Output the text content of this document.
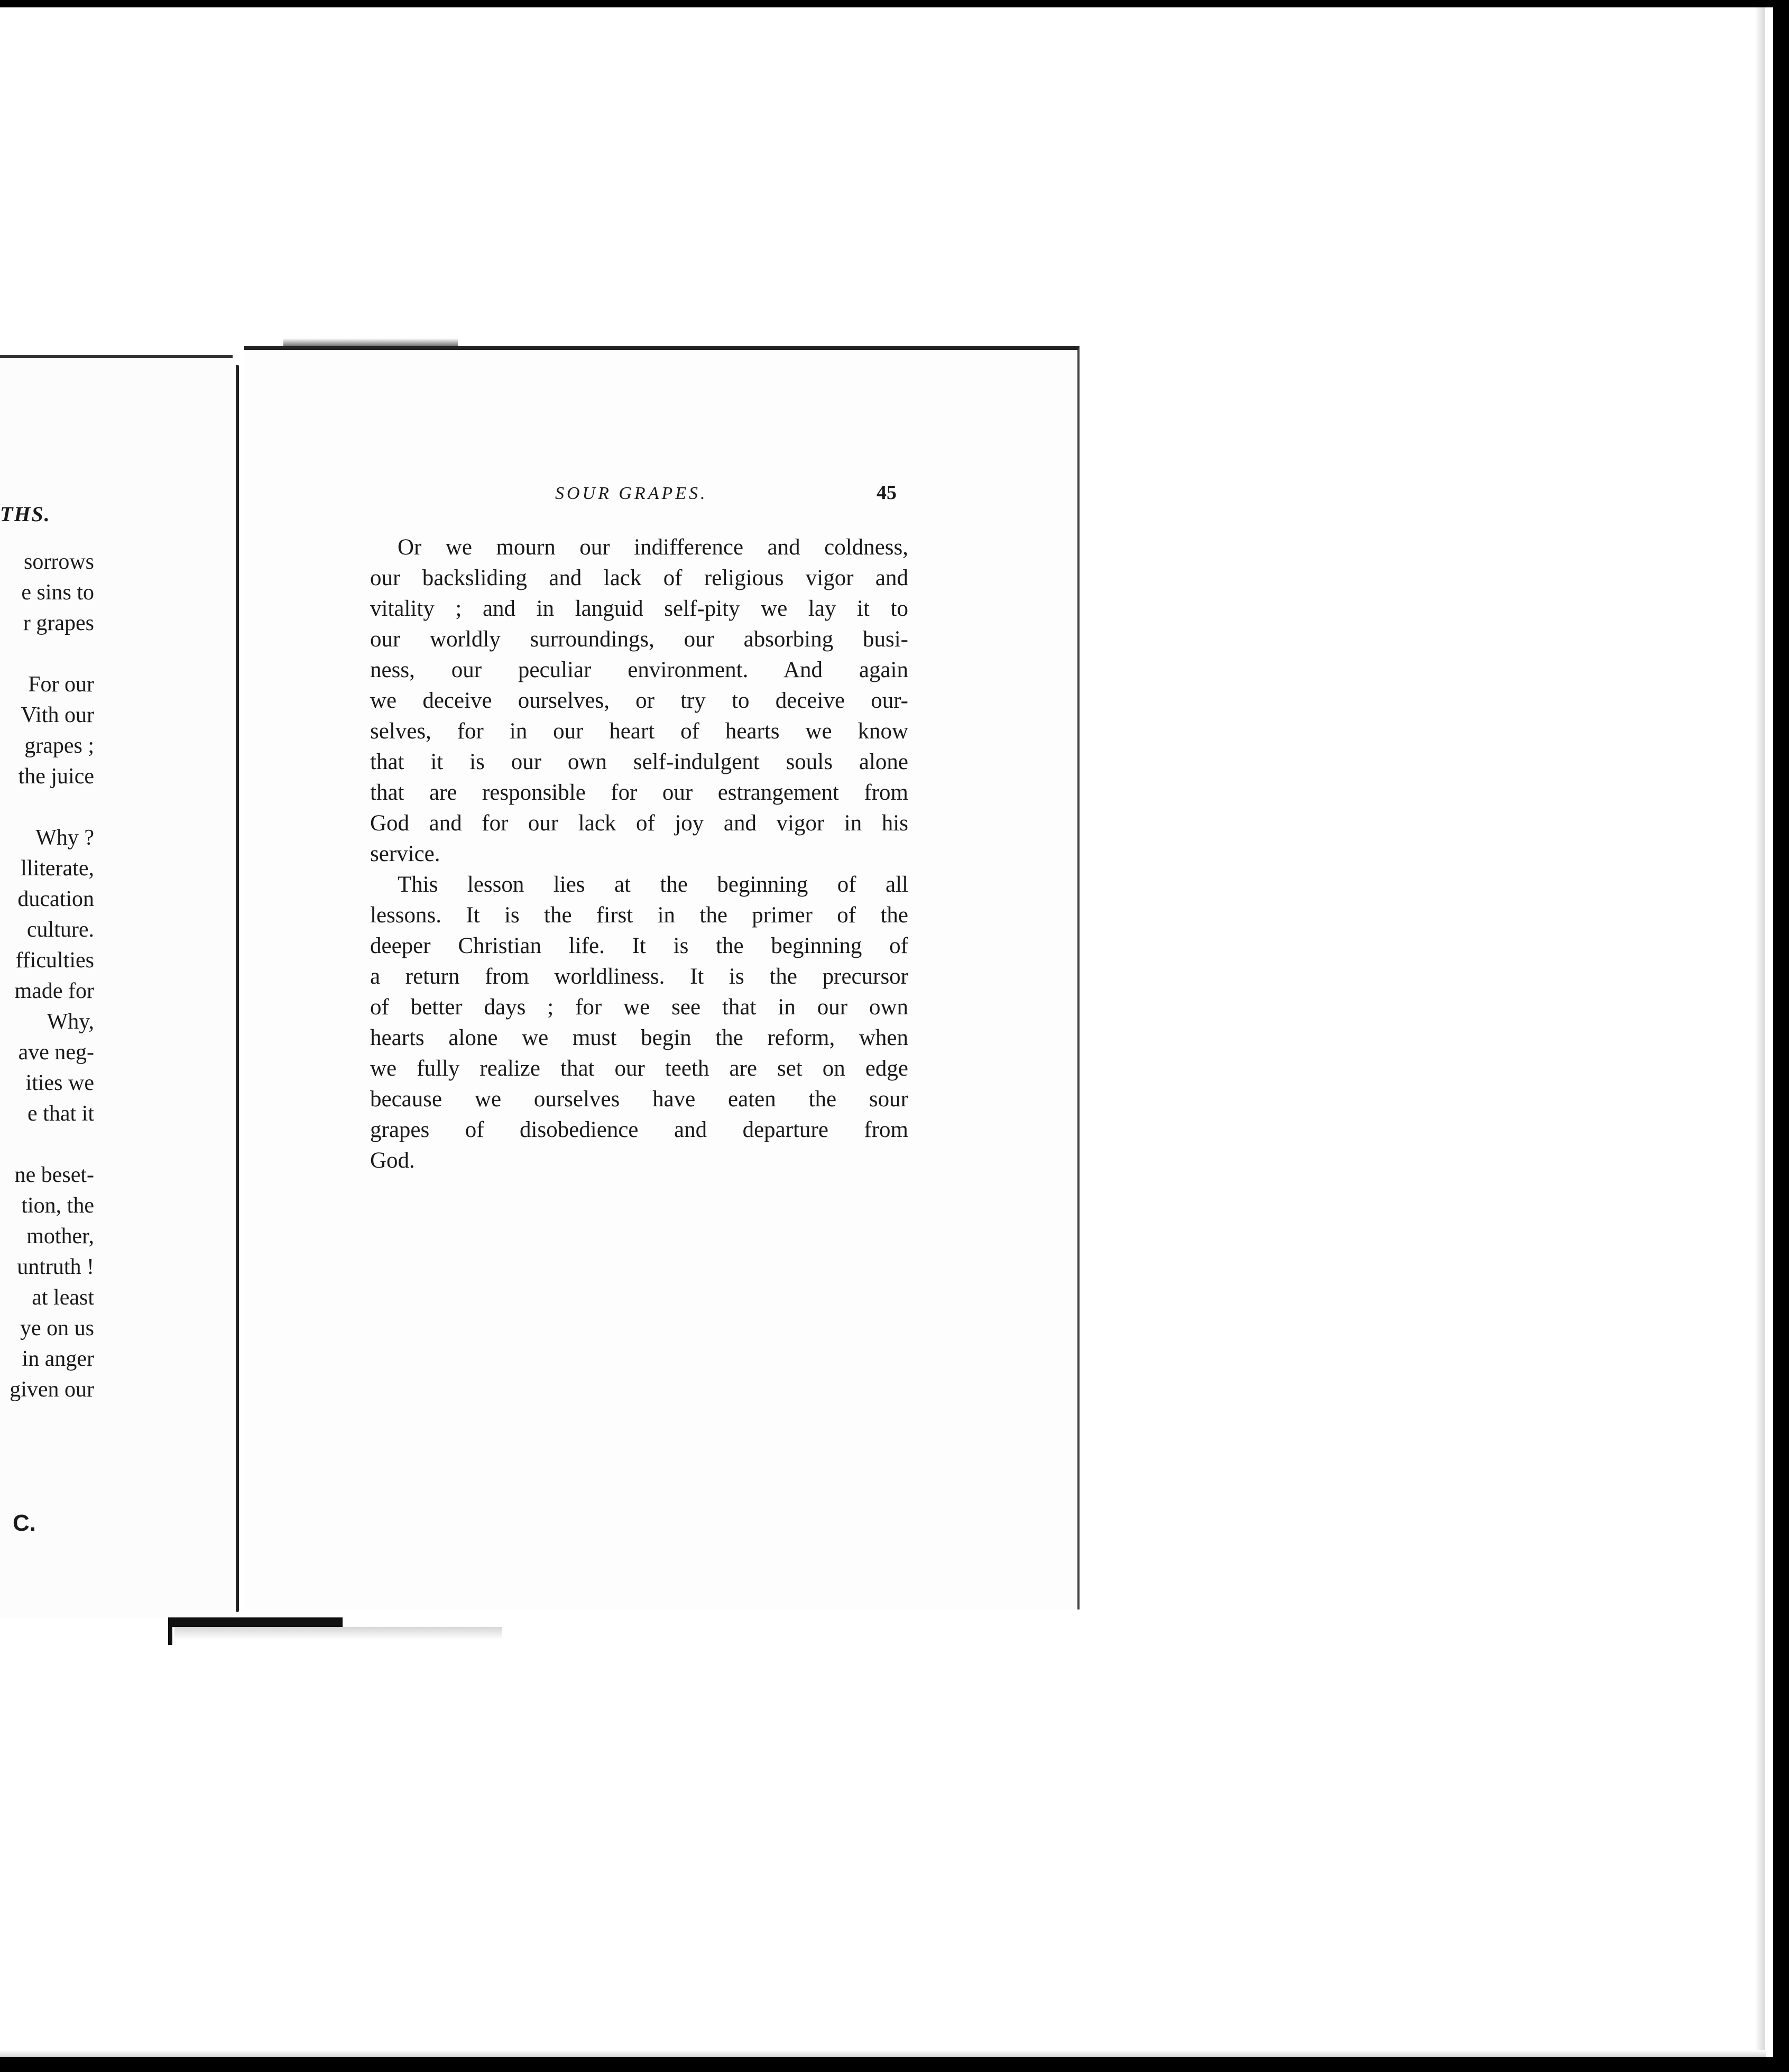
THS.
sorrows
e sins to
r grapes
For our
Vith our
grapes ;
the juice
Why ?
lliterate,
ducation
culture.
fficulties
made for
Why,
ave neg-
ities we
e that it
ne beset-
tion, the
mother,
untruth !
at least
ye on us
in anger
given our
C.
SOUR GRAPES.	45
Or we mourn our indifference and coldness,
our backsliding and lack of religious vigor and
vitality ; and in languid self-pity we lay it to
our worldly surroundings, our absorbing busi-
ness, our peculiar environment. And again
we deceive ourselves, or try to deceive our-
selves, for in our heart of hearts we know
that it is our own self-indulgent souls alone
that are responsible for our estrangement from
God and for our lack of joy and vigor in his
service.
This lesson lies at the beginning of all
lessons. It is the first in the primer of the
deeper Christian life. It is the beginning of
a return from worldliness. It is the precursor
of better days ; for we see that in our own
hearts alone we must begin the reform, when
we fully realize that our teeth are set on edge
because we ourselves have eaten the sour
grapes of disobedience and departure from
God.
